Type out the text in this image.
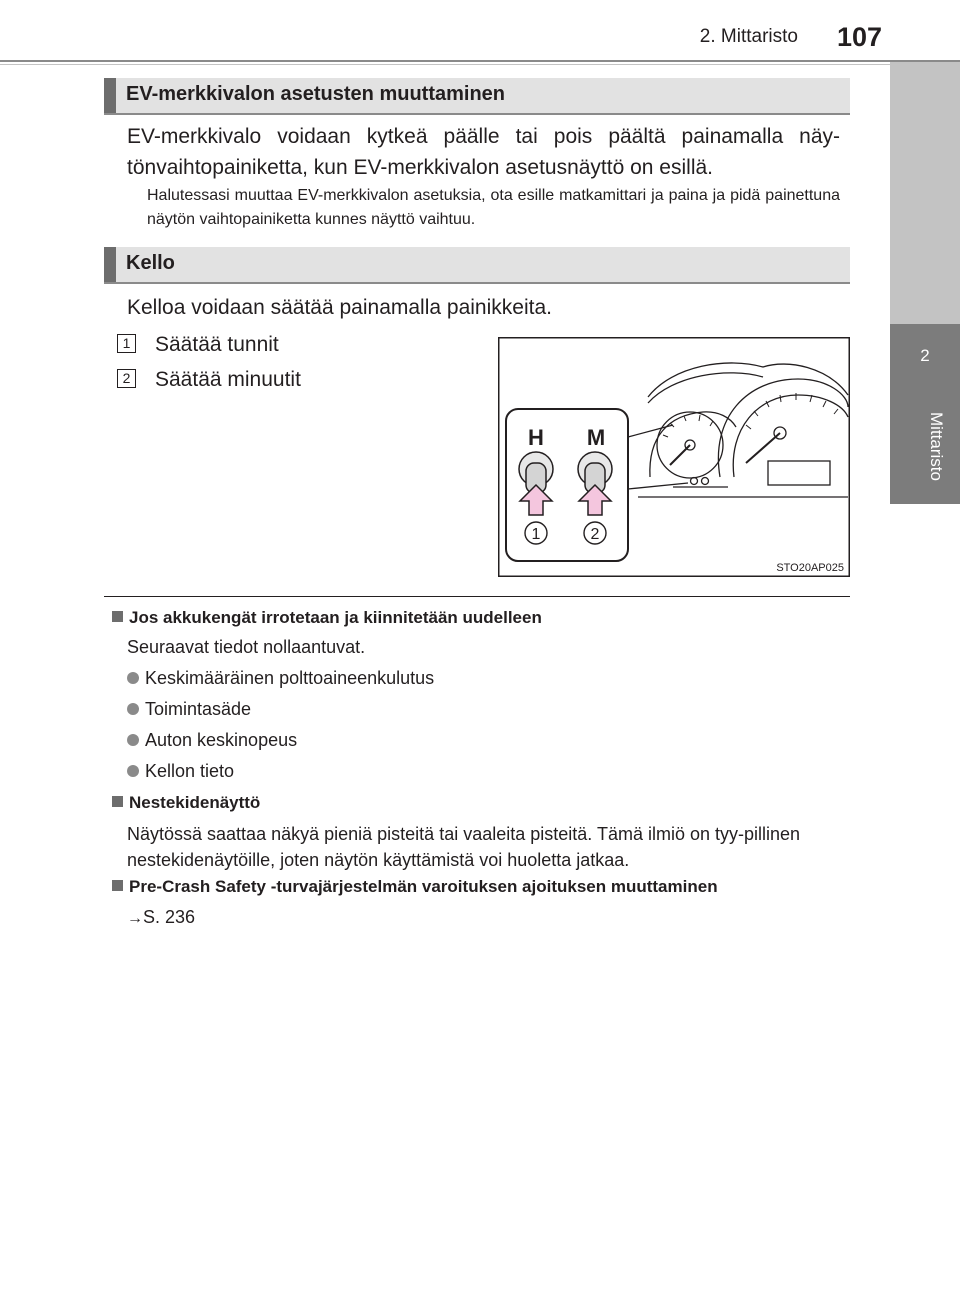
2. Mittaristo	107
2
Mittaristo
EV-merkkivalon asetusten muuttaminen
EV-merkkivalo voidaan kytkeä päälle tai pois päältä painamalla näy-tönvaihtopainiketta, kun EV-merkkivalon asetusnäyttö on esillä.
Halutessasi muuttaa EV-merkkivalon asetuksia, ota esille matkamittari ja paina ja pidä painettuna näytön vaihtopainiketta kunnes näyttö vaihtuu.
Kello
Kelloa voidaan säätää painamalla painikkeita.
1 Säätää tunnit
2 Säätää minuutit
H M
1	2
STO20AP025
Jos akkukengät irrotetaan ja kiinnitetään uudelleen
Seuraavat tiedot nollaantuvat.
Keskimääräinen polttoaineenkulutus
Toimintasäde
Auton keskinopeus
Kellon tieto
Nestekidenäyttö
Näytössä saattaa näkyä pieniä pisteitä tai vaaleita pisteitä. Tämä ilmiö on tyy-pillinen nestekidenäytöille, joten näytön käyttämistä voi huoletta jatkaa.
Pre-Crash Safety -turvajärjestelmän varoituksen ajoituksen muuttaminen
→S. 236
